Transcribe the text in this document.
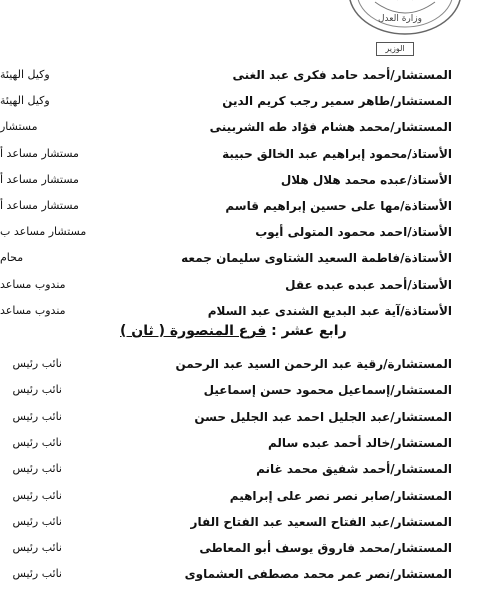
وزارة العدل
الوزير
المستشار/أحمد حامد فكرى عبد الغنى
وكيل الهيئة
المستشار/طاهر سمير رجب كريم الدين
وكيل الهيئة
المستشار/محمد هشام فؤاد طه الشربينى
مستشار
الأستاذ/محمود إبراهيم عبد الخالق حبيبة
مستشار مساعد أ
الأستاذ/عبده محمد هلال هلال
مستشار مساعد أ
الأستاذة/مها على حسين إبراهيم قاسم
مستشار مساعد أ
الأستاذ/احمد محمود المتولى أيوب
مستشار مساعد ب
الأستاذة/فاطمة السعيد الشتاوى سليمان جمعه
محام
الأستاذ/أحمد عبده عبده عقل
مندوب مساعد
الأستاذة/آية عبد البديع الشندى عبد السلام
مندوب مساعد
رابع عشر : فرع المنصورة ( ثان )
المستشارة/رقية عبد الرحمن السيد عبد الرحمن
نائب رئيس
المستشار/إسماعيل محمود حسن إسماعيل
نائب رئيس
المستشار/عبد الجليل احمد عبد الجليل حسن
نائب رئيس
المستشار/خالد أحمد عبده سالم
نائب رئيس
المستشار/أحمد شفيق محمد غانم
نائب رئيس
المستشار/صابر نصر نصر على إبراهيم
نائب رئيس
المستشار/عبد الفتاح السعيد عبد الفتاح الفار
نائب رئيس
المستشار/محمد فاروق يوسف أبو المعاطى
نائب رئيس
المستشار/نصر عمر محمد مصطفى العشماوى
نائب رئيس
